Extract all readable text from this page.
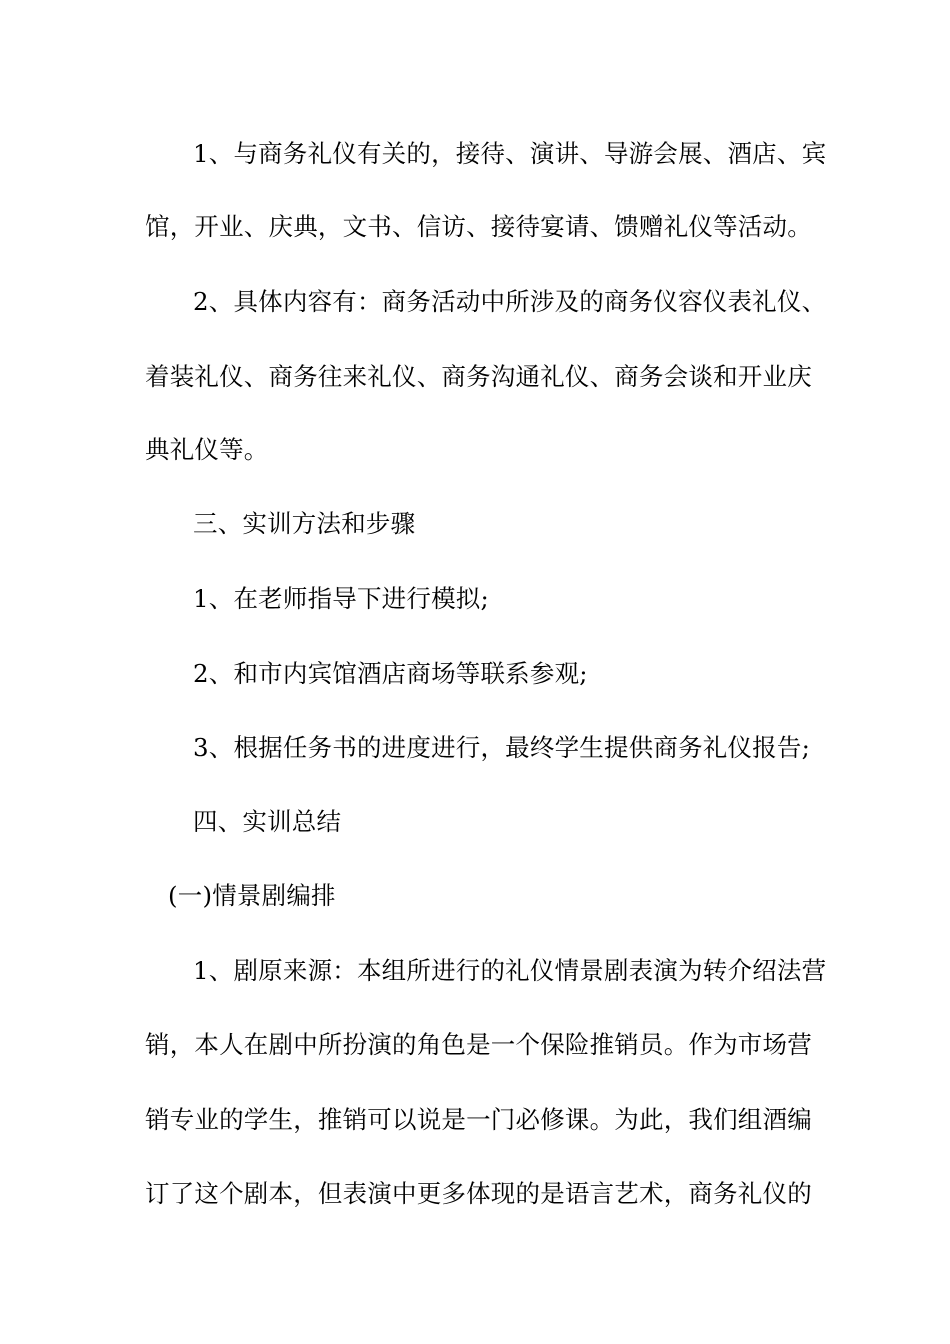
1、与商务礼仪有关的，接待、演讲、导游会展、酒店、宾
馆，开业、庆典，文书、信访、接待宴请、馈赠礼仪等活动。
2、具体内容有：商务活动中所涉及的商务仪容仪表礼仪、
着装礼仪、商务往来礼仪、商务沟通礼仪、商务会谈和开业庆
典礼仪等。
三、实训方法和步骤
1、在老师指导下进行模拟;
2、和市内宾馆酒店商场等联系参观;
3、根据任务书的进度进行，最终学生提供商务礼仪报告;
四、实训总结
(一)情景剧编排
1、剧原来源：本组所进行的礼仪情景剧表演为转介绍法营
销，本人在剧中所扮演的角色是一个保险推销员。作为市场营
销专业的学生，推销可以说是一门必修课。为此，我们组酒编
订了这个剧本，但表演中更多体现的是语言艺术，商务礼仪的
